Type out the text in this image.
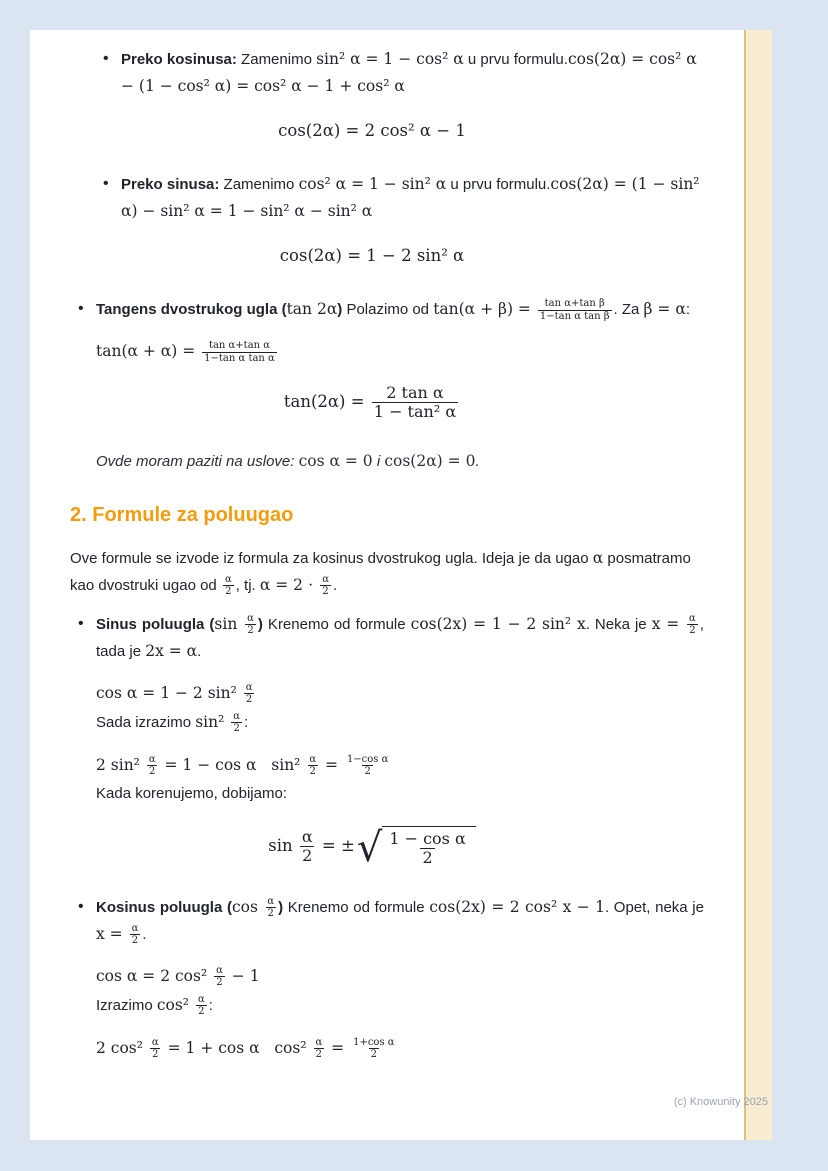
•
Preko kosinusa: Zamenimo sin² α = 1 − cos² α u prvu formulu.cos(2α) = cos² α − (1 − cos² α) = cos² α − 1 + cos² α
cos(2α) = 2 cos² α − 1
•
Preko sinusa: Zamenimo cos² α = 1 − sin² α u prvu formulu.cos(2α) = (1 − sin² α) − sin² α = 1 − sin² α − sin² α
cos(2α) = 1 − 2 sin² α
•
Tangens dvostrukog ugla (tan 2α) Polazimo od $\tan(\alpha + \beta) = \frac{\text{tan α+tan β}}{\text{1−tan α tan β}}$ . Za β = α:
$\tan(\alpha + \alpha) = \frac{\text{tan α+tan α}}{\text{1−tan α tan α}}$
$\tan(2\alpha) = \frac{\text{2 tan α}}{\text{1 − tan² α}}$
Ovde moram paziti na uslove: cos α = 0 i cos(2α) = 0.
2. Formule za poluugao
Ove formule se izvode iz formula za kosinus dvostrukog ugla. Ideja je da ugao α posmatramo kao dvostruki ugao od $\frac{\alpha}{2}$ , tj. $\alpha = 2 \cdot \frac{\alpha}{2}$ .
•
Sinus poluugla ($\sin \frac{\alpha}{2}$ ) Krenemo od formule cos(2x) = 1 − 2 sin² x. Neka je $x = \frac{\alpha}{2}$ , tada je 2x = α.
cos α = 1 − 2 $\sin^2 \frac{\alpha}{2}$
Sada izrazimo $\sin^2 \frac{\alpha}{2}$ :
2 $\sin^2 \frac{\alpha}{2} = 1 - \cos \alpha$   $\sin^2 \frac{\alpha}{2} = \frac{\text{1−cos α}}{2}$
Kada korenujemo, dobijamo:
$\sin \frac{\alpha}{2}$ = ± √ $\frac{\text{1 − cos α}}{2}$
•
Kosinus poluugla ($\cos \frac{\alpha}{2}$ ) Krenemo od formule cos(2x) = 2 cos² x − 1. Opet, neka je $x = \frac{\alpha}{2}$ .
cos α = 2 $\cos^2 \frac{\alpha}{2} - 1$
Izrazimo $\cos^2 \frac{\alpha}{2}$ :
2 $\cos^2 \frac{\alpha}{2} = 1 + \cos \alpha$   $\cos^2 \frac{\alpha}{2} = \frac{\text{1+cos α}}{2}$
(c) Knowunity 2025
